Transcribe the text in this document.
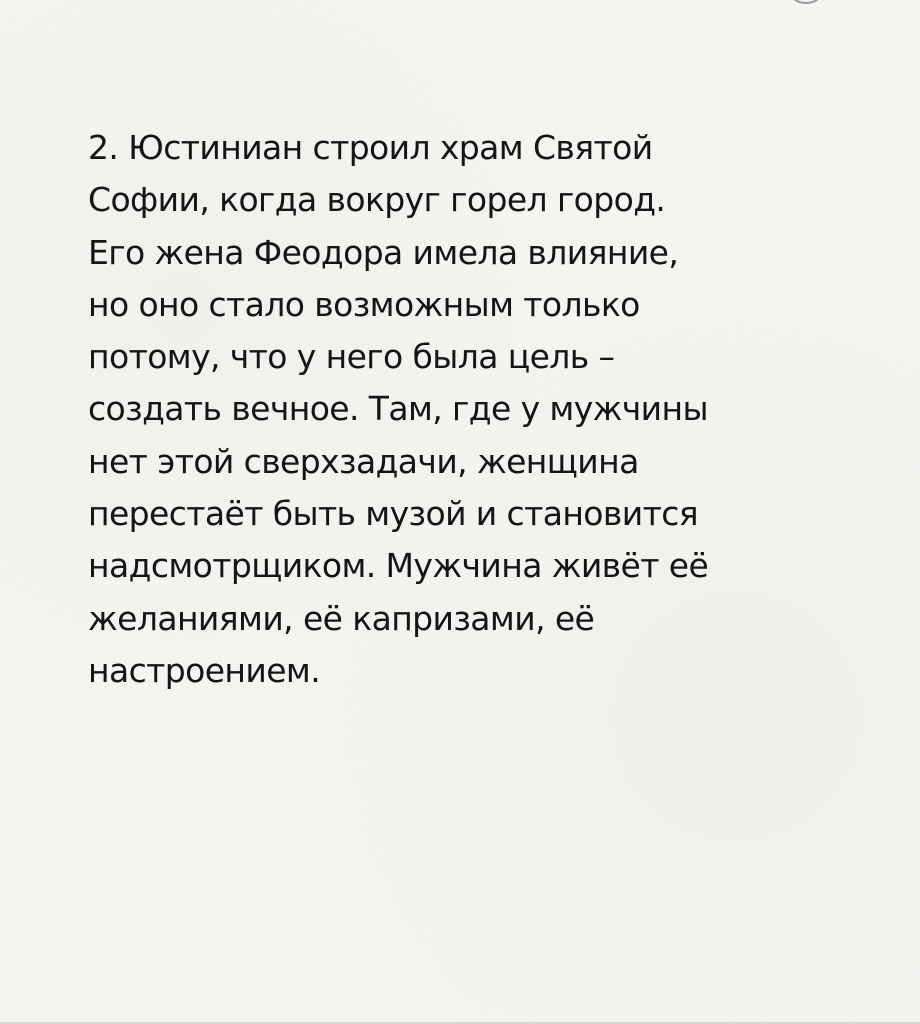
2. Юстиниан строил храм Святой
Софии, когда вокруг горел город.
Его жена Феодора имела влияние,
но оно стало возможным только
потому, что у него была цель –
создать вечное. Там, где у мужчины
нет этой сверхзадачи, женщина
перестаёт быть музой и становится
надсмотрщиком. Мужчина живёт её
желаниями, её капризами, её
настроением.
